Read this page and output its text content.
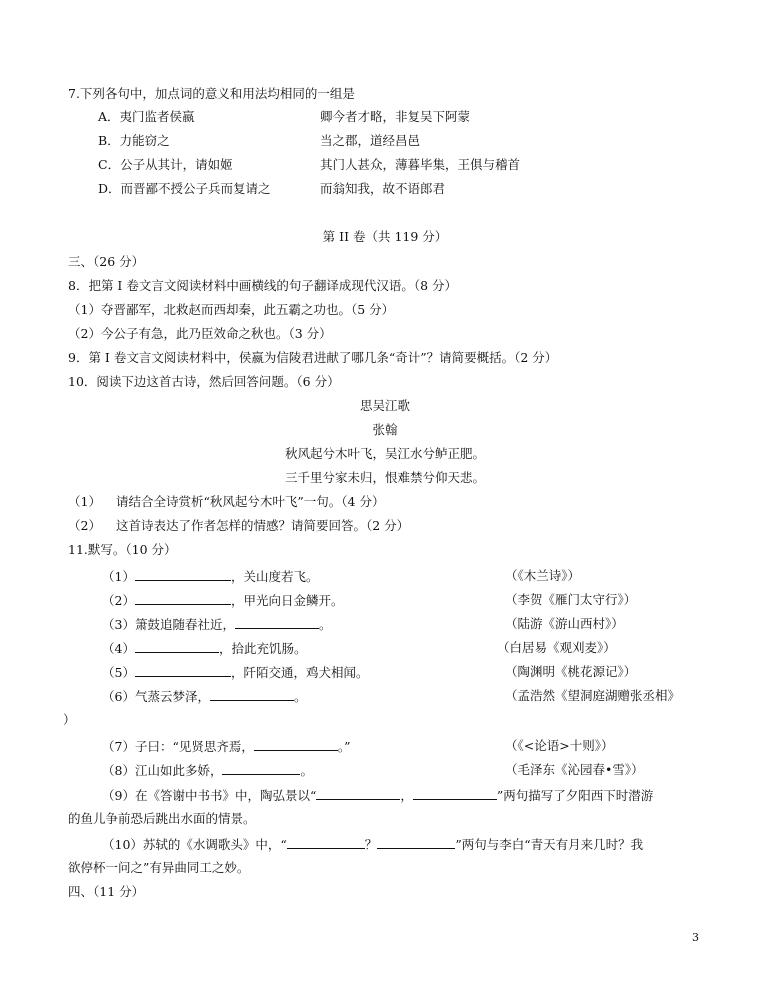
7.下列各句中，加点词的意义和用法均相同的一组是
A．夷门监者侯嬴	卿今者才略，非复吴下阿蒙
B．力能窃之	当之郡，道经昌邑
C．公子从其计，请如姬	其门人甚众，薄暮毕集，王俱与稽首
D．而晋鄙不授公子兵而复请之	而翁知我，故不语郎君
第 II 卷（共 119 分）
三、（26 分）
8．把第 I 卷文言文阅读材料中画横线的句子翻译成现代汉语。（8 分）
（1）夺晋鄙军，北救赵而西却秦，此五霸之功也。（5 分）
（2）今公子有急，此乃臣效命之秋也。（3 分）
9．第 I 卷文言文阅读材料中，侯嬴为信陵君进献了哪几条“奇计”？请简要概括。（2 分）
10．阅读下边这首古诗，然后回答问题。（6 分）
思吴江歌
张翰
秋风起兮木叶飞，吴江水兮鲈正肥。
三千里兮家未归，恨难禁兮仰天悲。
（1） 请结合全诗赏析“秋风起兮木叶飞”一句。（4 分）
（2） 这首诗表达了作者怎样的情感？请简要回答。（2 分）
11.默写。（10 分）
（1）	，关山度若飞。	（《木兰诗》）
（2）	，甲光向日金鳞开。	（李贺《雁门太守行》）
（3）箫鼓追随春社近，	。	（陆游《游山西村》）
（4）	，拾此充饥肠。	（白居易《观刈麦》）
（5）	，阡陌交通，鸡犬相闻。	（陶渊明《桃花源记》）
（6）气蒸云梦泽，	。	（孟浩然《望洞庭湖赠张丞相》
）
（7）子曰：“见贤思齐焉，	。”	（《<论语>十则》）
（8）江山如此多娇，	。	（毛泽东《沁园春•雪》）
（9）在《答谢中书书》中，陶弘景以“	，	”两句描写了夕阳西下时潜游
的鱼儿争前恐后跳出水面的情景。
（10）苏轼的《水调歌头》中，“	？	”两句与李白“青天有月来几时？我
欲停杯一问之”有异曲同工之妙。
四、（11 分）
3
